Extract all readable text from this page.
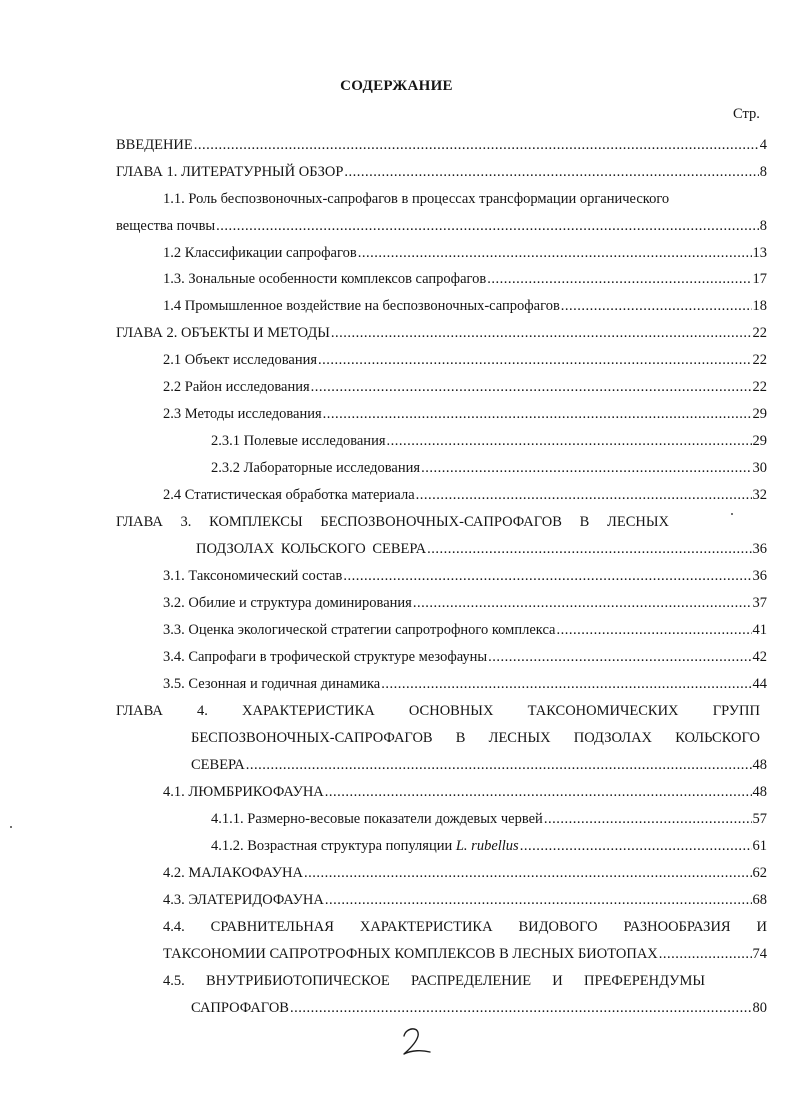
СОДЕРЖАНИЕ
Стр.
ВВЕДЕНИЕ .....	4
ГЛАВА 1. ЛИТЕРАТУРНЫЙ ОБЗОР .....	8
1.1. Роль беспозвоночных-сапрофагов в процессах трансформации органического
вещества почвы .....	8
1.2 Классификации сапрофагов .....	13
1.3. Зональные особенности комплексов сапрофагов .....	17
1.4 Промышленное воздействие на беспозвоночных-сапрофагов .....	18
ГЛАВА 2. ОБЪЕКТЫ И МЕТОДЫ .....	22
2.1 Объект исследования .....	22
2.2 Район исследования .....	22
2.3 Методы исследования .....	29
2.3.1 Полевые исследования .....	29
2.3.2 Лабораторные исследования .....	30
2.4 Статистическая обработка материала .....	32
ГЛАВА 3. КОМПЛЕКСЫ БЕСПОЗВОНОЧНЫХ-САПРОФАГОВ В ЛЕСНЫХ
ПОДЗОЛАХ КОЛЬСКОГО СЕВЕРА .....	36
3.1. Таксономический состав .....	36
3.2. Обилие и структура доминирования .....	37
3.3. Оценка экологической стратегии сапротрофного комплекса .....	41
3.4. Сапрофаги в трофической структуре мезофауны .....	42
3.5. Сезонная и годичная динамика .....	44
ГЛАВА 4. ХАРАКТЕРИСТИКА ОСНОВНЫХ ТАКСОНОМИЧЕСКИХ ГРУПП
БЕСПОЗВОНОЧНЫХ-САПРОФАГОВ В ЛЕСНЫХ ПОДЗОЛАХ КОЛЬСКОГО
СЕВЕРА .....	48
4.1. ЛЮМБРИКОФАУНА .....	48
4.1.1. Размерно-весовые показатели дождевых червей .....	57
4.1.2. Возрастная структура популяции L. rubellus .....	61
4.2. МАЛАКОФАУНА .....	62
4.3. ЭЛАТЕРИДОФАУНА .....	68
4.4. СРАВНИТЕЛЬНАЯ ХАРАКТЕРИСТИКА ВИДОВОГО РАЗНООБРАЗИЯ И
ТАКСОНОМИИ САПРОТРОФНЫХ КОМПЛЕКСОВ В ЛЕСНЫХ БИОТОПАХ .....	74
4.5. ВНУТРИБИОТОПИЧЕСКОЕ РАСПРЕДЕЛЕНИЕ И ПРЕФЕРЕНДУМЫ
САПРОФАГОВ .....	80
